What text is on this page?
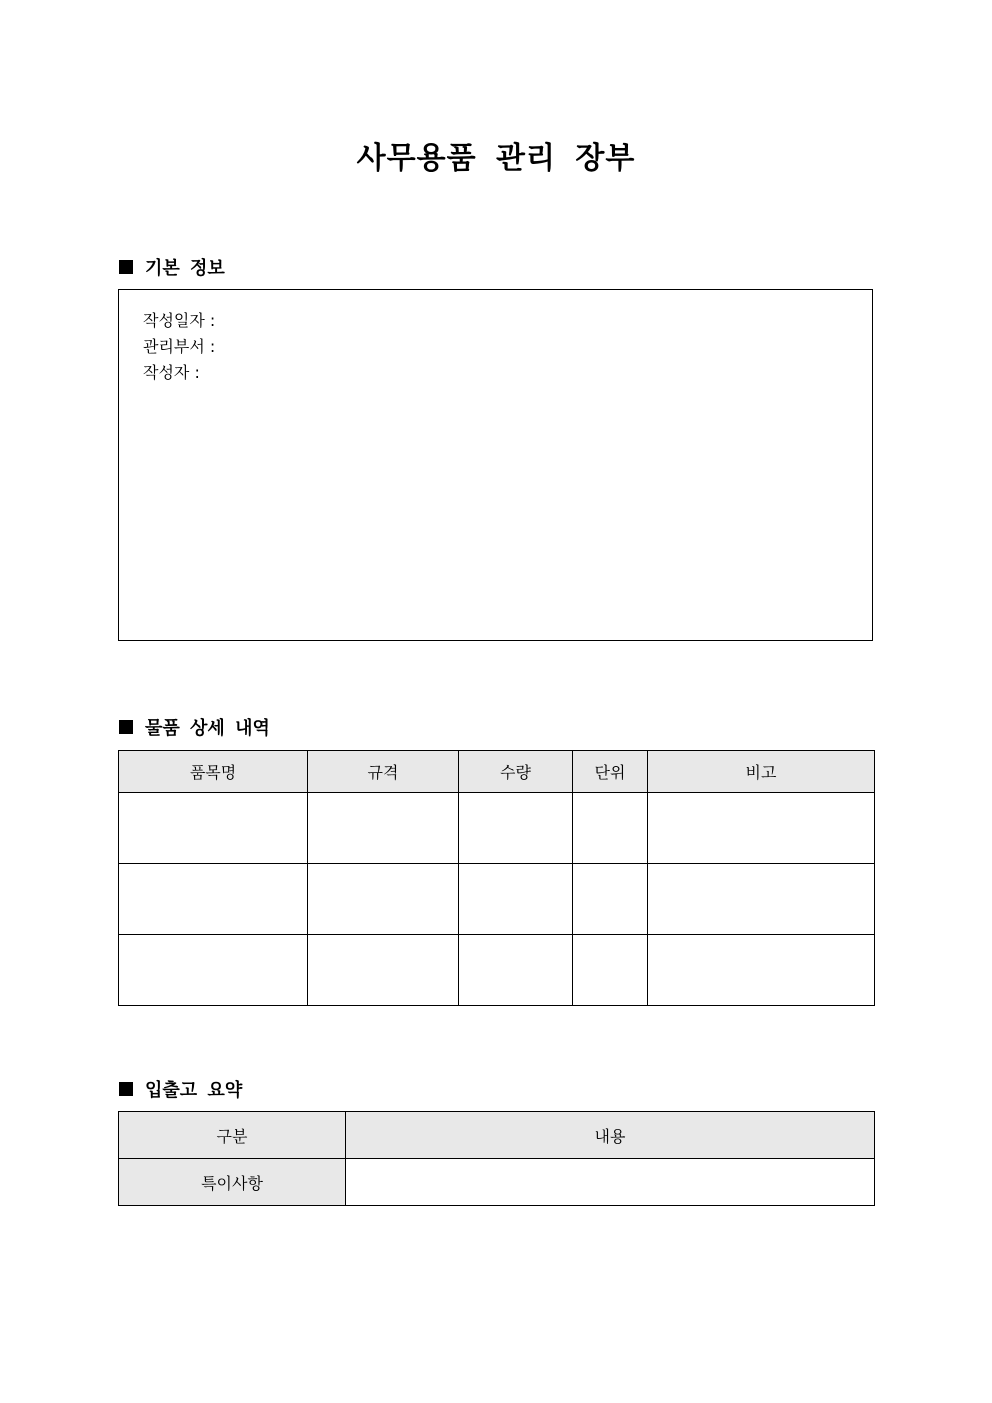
사무용품 관리 장부
기본 정보
작성일자 :
관리부서 :
작성자 :
물품 상세 내역
품목명	규격	수량	단위	비고

입출고 요약
구분	내용
특이사항	
